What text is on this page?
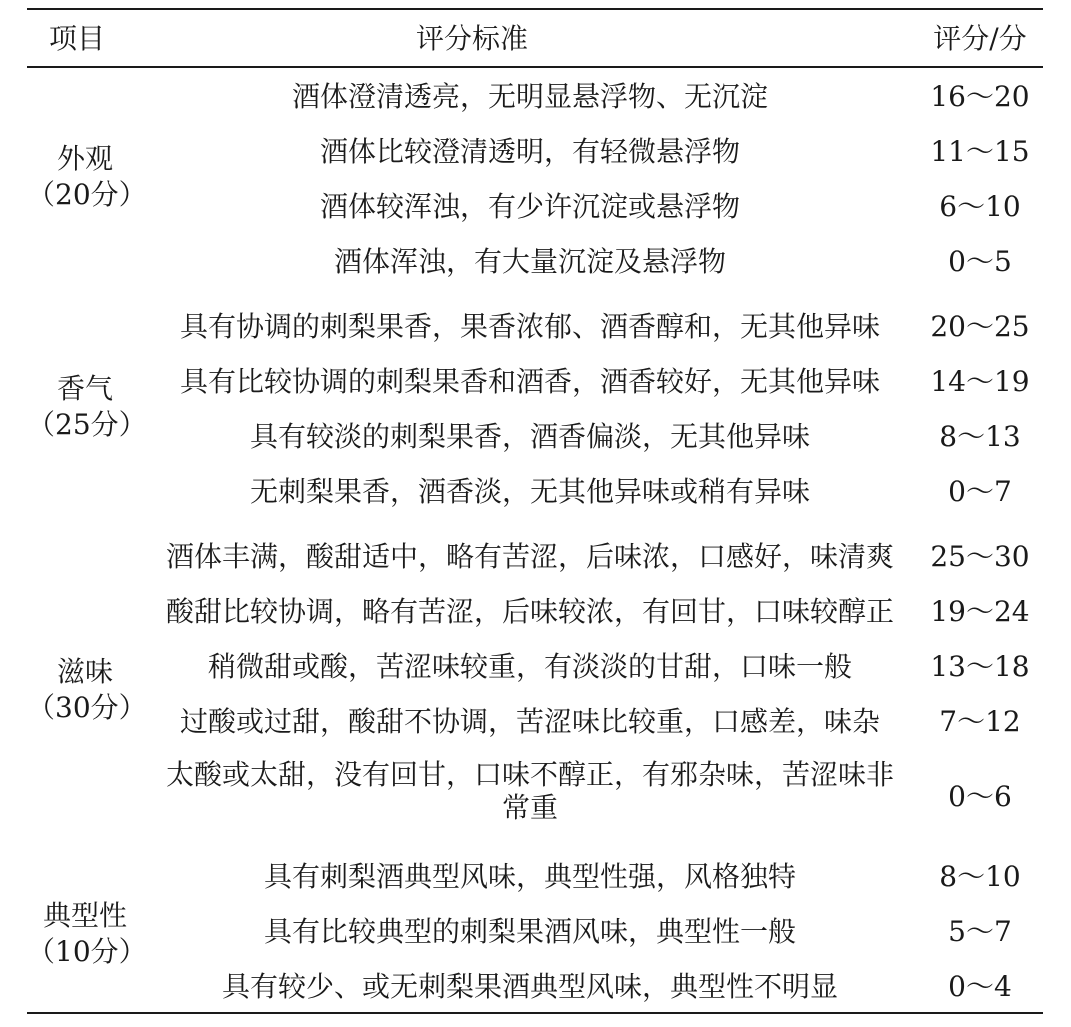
项目	评分标准	评分/分
外观
（20分）
酒体澄清透亮，无明显悬浮物、无沉淀	16～20
酒体比较澄清透明，有轻微悬浮物	11～15
酒体较浑浊，有少许沉淀或悬浮物	6～10
酒体浑浊，有大量沉淀及悬浮物	0～5
香气
（25分）
具有协调的刺梨果香，果香浓郁、酒香醇和，无其他异味	20～25
具有比较协调的刺梨果香和酒香，酒香较好，无其他异味	14～19
具有较淡的刺梨果香，酒香偏淡，无其他异味	8～13
无刺梨果香，酒香淡，无其他异味或稍有异味	0～7
滋味
（30分）
酒体丰满，酸甜适中，略有苦涩，后味浓，口感好，味清爽	25～30
酸甜比较协调，略有苦涩，后味较浓，有回甘，口味较醇正	19～24
稍微甜或酸，苦涩味较重，有淡淡的甘甜，口味一般	13～18
过酸或过甜，酸甜不协调，苦涩味比较重，口感差，味杂	7～12
太酸或太甜，没有回甘，口味不醇正，有邪杂味，苦涩味非常重	0～6
典型性
（10分）
具有刺梨酒典型风味，典型性强，风格独特	8～10
具有比较典型的刺梨果酒风味，典型性一般	5～7
具有较少、或无刺梨果酒典型风味，典型性不明显	0～4
